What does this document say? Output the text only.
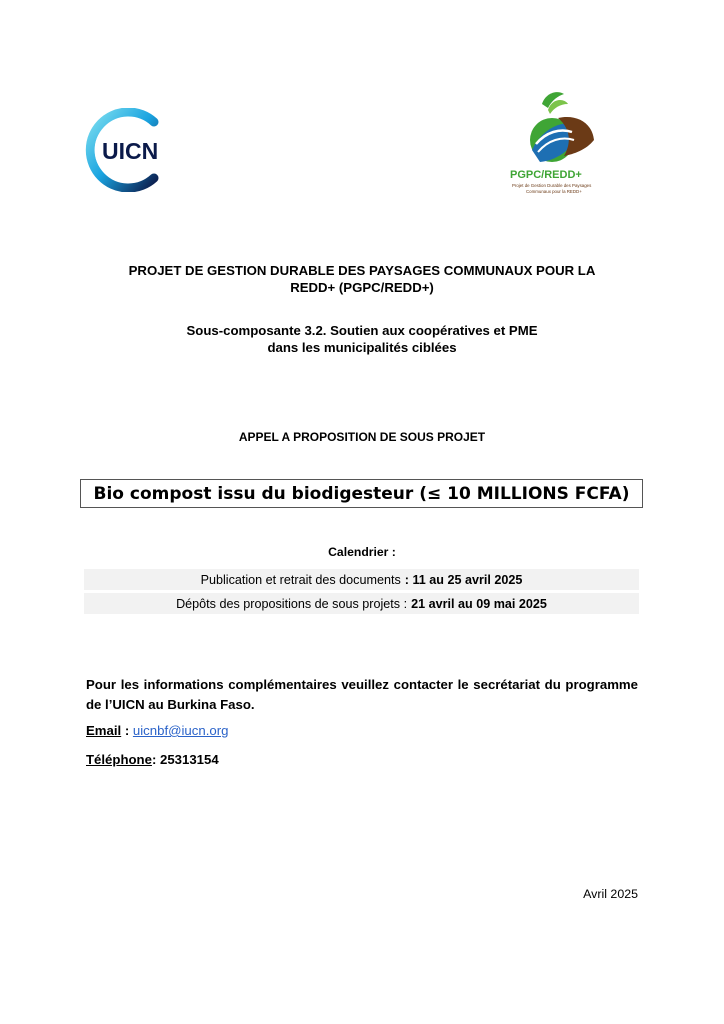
UICN
PGPC/REDD+
Projet de Gestion Durable des Paysages
Communaux pour la REDD+
PROJET DE GESTION DURABLE DES PAYSAGES COMMUNAUX POUR LA
REDD+ (PGPC/REDD+)
Sous-composante 3.2. Soutien aux coopératives et PME
dans les municipalités ciblées
APPEL A PROPOSITION DE SOUS PROJET
Bio compost issu du biodigesteur (≤ 10 MILLIONS FCFA)
Calendrier :
Publication et retrait des documents : 11 au 25 avril 2025
Dépôts des propositions de sous projets : 21 avril au 09 mai 2025
Pour les informations complémentaires veuillez contacter le secrétariat du programme de l’UICN au Burkina Faso.
Email : uicnbf@iucn.org
Téléphone: 25313154
Avril 2025
